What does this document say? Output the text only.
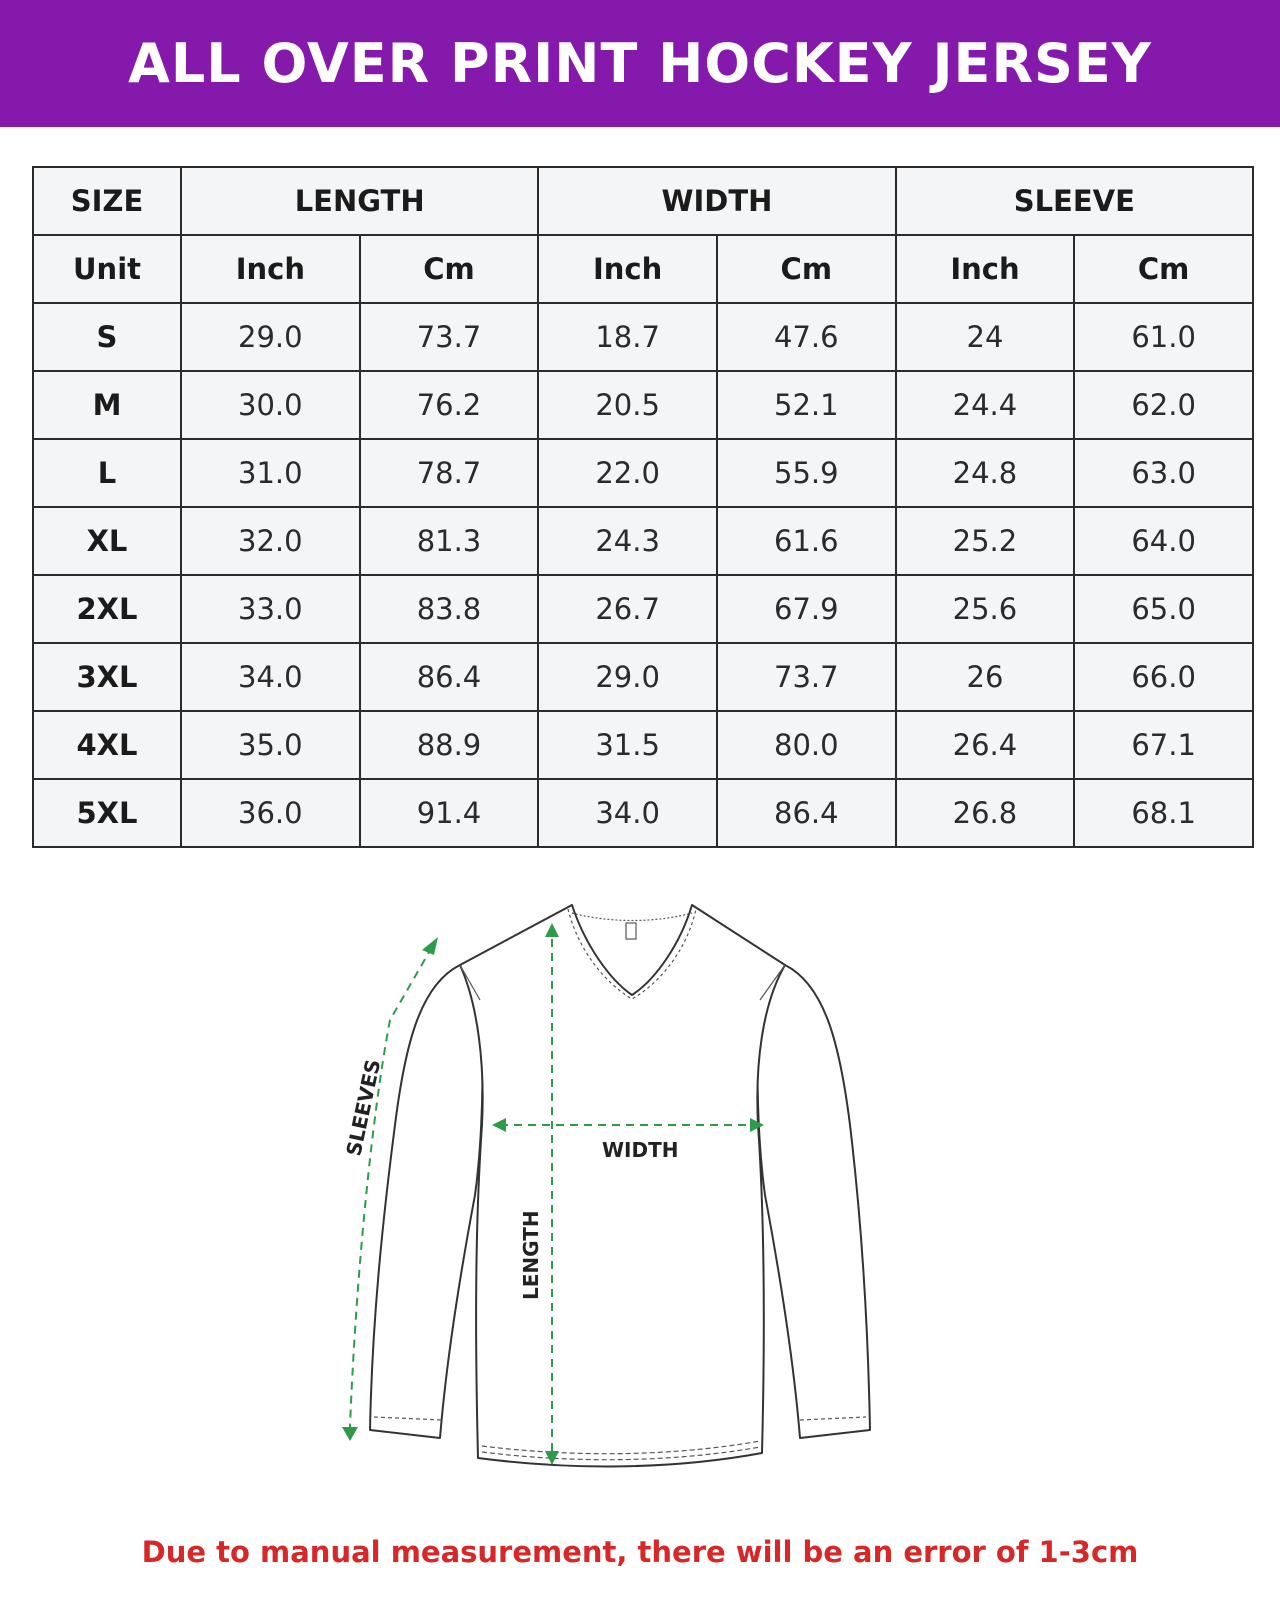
ALL OVER PRINT HOCKEY JERSEY
SIZE	LENGTH		WIDTH		SLEEVE	
Unit	Inch	Cm	Inch	Cm	Inch	Cm
S	29.0	73.7	18.7	47.6	24	61.0
M	30.0	76.2	20.5	52.1	24.4	62.0
L	31.0	78.7	22.0	55.9	24.8	63.0
XL	32.0	81.3	24.3	61.6	25.2	64.0
2XL	33.0	83.8	26.7	67.9	25.6	65.0
3XL	34.0	86.4	29.0	73.7	26	66.0
4XL	35.0	88.9	31.5	80.0	26.4	67.1
5XL	36.0	91.4	34.0	86.4	26.8	68.1
SLEEVES	WIDTH
LENGTH
Due to manual measurement, there will be an error of 1-3cm
